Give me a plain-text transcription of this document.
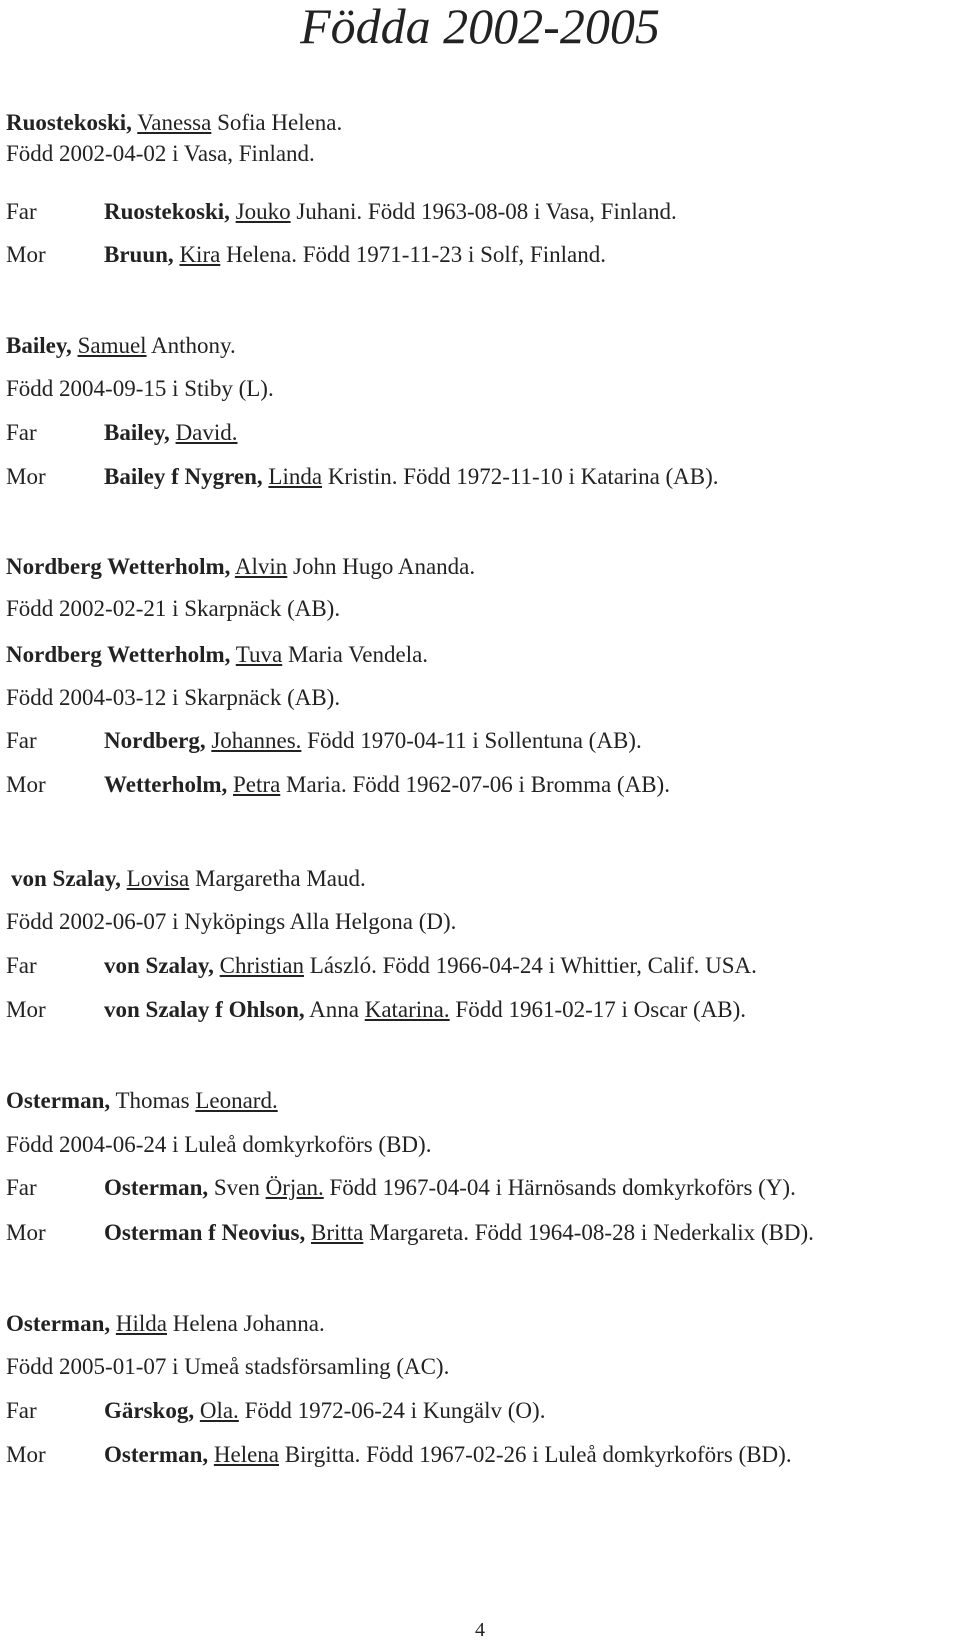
Födda 2002-2005
Ruostekoski, Vanessa Sofia Helena.
Född 2002-04-02 i Vasa, Finland.
Far	Ruostekoski, Jouko Juhani. Född 1963-08-08 i Vasa, Finland.
Mor	Bruun, Kira Helena. Född 1971-11-23 i Solf, Finland.
Bailey, Samuel Anthony.
Född 2004-09-15 i Stiby (L).
Far	Bailey, David.
Mor	Bailey f Nygren, Linda Kristin. Född 1972-11-10 i Katarina (AB).
Nordberg Wetterholm, Alvin John Hugo Ananda.
Född 2002-02-21 i Skarpnäck (AB).
Nordberg Wetterholm, Tuva Maria Vendela.
Född 2004-03-12 i Skarpnäck (AB).
Far	Nordberg, Johannes. Född 1970-04-11 i Sollentuna (AB).
Mor	Wetterholm, Petra Maria. Född 1962-07-06 i Bromma (AB).
von Szalay, Lovisa Margaretha Maud.
Född 2002-06-07 i Nyköpings Alla Helgona (D).
Far	von Szalay, Christian László. Född 1966-04-24 i Whittier, Calif. USA.
Mor	von Szalay f Ohlson, Anna Katarina. Född 1961-02-17 i Oscar (AB).
Osterman, Thomas Leonard.
Född 2004-06-24 i Luleå domkyrkoförs (BD).
Far	Osterman, Sven Örjan. Född 1967-04-04 i Härnösands domkyrkoförs (Y).
Mor	Osterman f Neovius, Britta Margareta. Född 1964-08-28 i Nederkalix (BD).
Osterman, Hilda Helena Johanna.
Född 2005-01-07 i Umeå stadsförsamling (AC).
Far	Gärskog, Ola. Född 1972-06-24 i Kungälv (O).
Mor	Osterman, Helena Birgitta. Född 1967-02-26 i Luleå domkyrkoförs (BD).
4
